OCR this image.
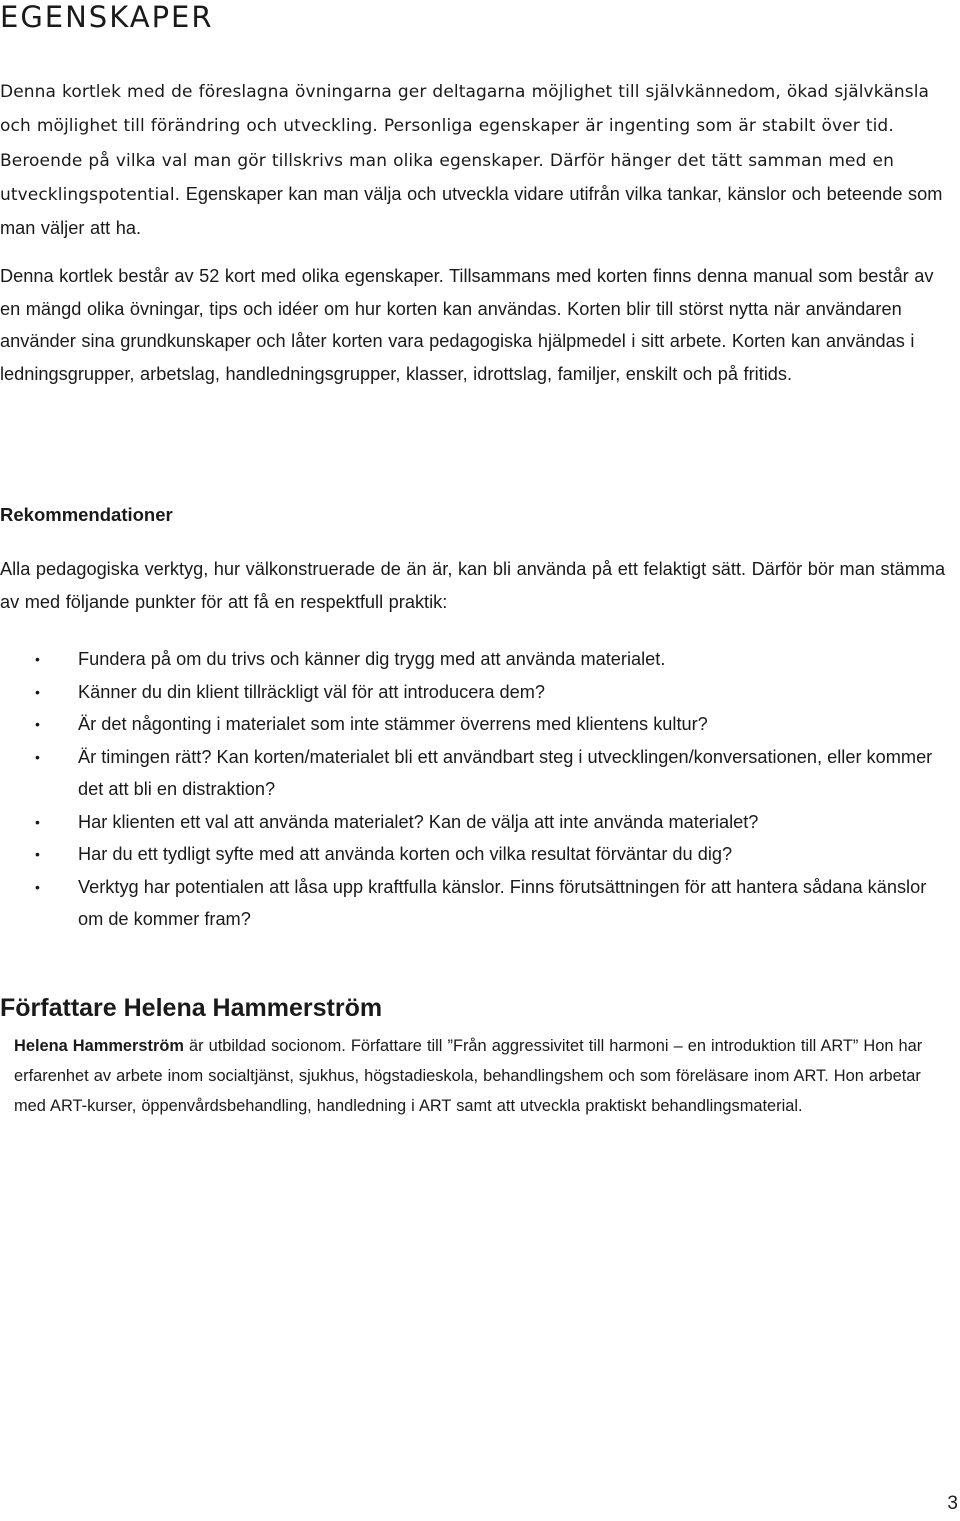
EGENSKAPER

Denna kortlek med de föreslagna övningarna ger deltagarna möjlighet till självkännedom, ökad självkänsla och möjlighet till förändring och utveckling. Personliga egenskaper är ingenting som är stabilt över tid. Beroende på vilka val man gör tillskrivs man olika egenskaper. Därför hänger det tätt samman med en utvecklingspotential. Egenskaper kan man välja och utveckla vidare utifrån vilka tankar, känslor och beteende som man väljer att ha.

Denna kortlek består av 52 kort med olika egenskaper. Tillsammans med korten finns denna manual som består av en mängd olika övningar, tips och idéer om hur korten kan användas. Korten blir till störst nytta när användaren använder sina grundkunskaper och låter korten vara pedagogiska hjälpmedel i sitt arbete. Korten kan användas i ledningsgrupper, arbetslag, handledningsgrupper, klasser, idrottslag, familjer, enskilt och på fritids.

Rekommendationer

Alla pedagogiska verktyg, hur välkonstruerade de än är, kan bli använda på ett felaktigt sätt. Därför bör man stämma av med följande punkter för att få en respektfull praktik:

• Fundera på om du trivs och känner dig trygg med att använda materialet.
• Känner du din klient tillräckligt väl för att introducera dem?
• Är det någonting i materialet som inte stämmer överrens med klientens kultur?
• Är timingen rätt? Kan korten/materialet bli ett användbart steg i utvecklingen/konversationen, eller kommer det att bli en distraktion?
• Har klienten ett val att använda materialet? Kan de välja att inte använda materialet?
• Har du ett tydligt syfte med att använda korten och vilka resultat förväntar du dig?
• Verktyg har potentialen att låsa upp kraftfulla känslor. Finns förutsättningen för att hantera sådana känslor om de kommer fram?
Författare Helena Hammerström

Helena Hammerström är utbildad socionom. Författare till ”Från aggressivitet till harmoni – en introduktion till ART” Hon har erfarenhet av arbete inom socialtjänst, sjukhus, högstadieskola, behandlingshem och som föreläsare inom ART. Hon arbetar med ART-kurser, öppenvårdsbehandling, handledning i ART samt att utveckla praktiskt behandlingsmaterial.

3
